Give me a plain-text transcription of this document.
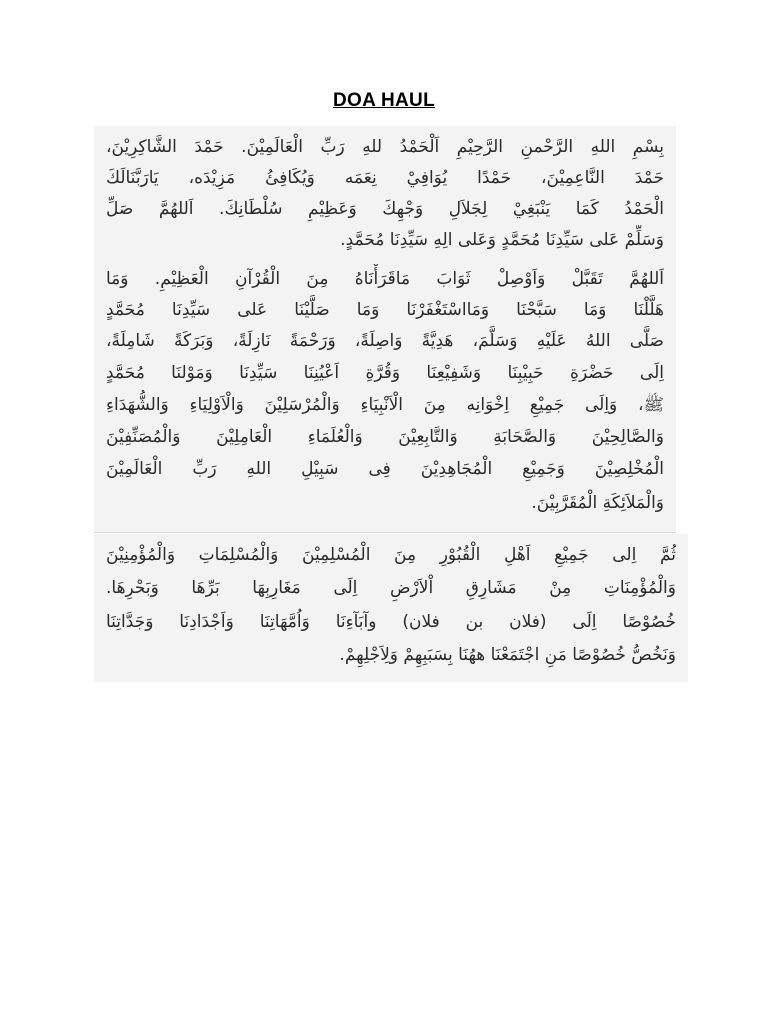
DOA HAUL
بِسْمِ اللهِ الرَّحْمنِ الرَّحِيْمِ اَلْحَمْدُ للهِ رَبِّ الْعَالَمِيْنَ. حَمْدَ الشَّاكِرِيْنَ،
حَمْدَ النَّاعِمِيْنَ، حَمْدًا يُوَافِيْ نِعَمَه وَيُكَافِئُ مَزِيْدَه، يَارَبَّنَالَكَ
الْحَمْدُ كَمَا يَنْبَغِيْ لِجَلاَلِ وَجْهِكَ وَعَظِيْمِ سُلْطَانِكَ. اَللهُمَّ صَلِّ
وَسَلِّمْ عَلى سَيِّدِنَا مُحَمَّدٍ وَعَلى الِهِ سَيِّدِنَا مُحَمَّدٍ.
اَللهُمَّ تَقَبَّلْ وَاَوْصِلْ ثَوَابَ مَاقَرَأْنَاهُ مِنَ الْقُرْآنِ الْعَظِيْمِ. وَمَا
هَلَّلْنَا وَمَا سَبَّحْنَا وَمَااسْتَغْفَرْنَا وَمَا صَلَّيْنَا عَلى سَيِّدِنَا مُحَمَّدٍ
صَلَّى اللهُ عَلَيْهِ وَسَلَّمَ، هَدِيَّةً وَاصِلَةً، وَرَحْمَةً نَازِلَةً، وَبَرَكَةً شَامِلَةً،
اِلَى حَضْرَةِ حَبِيْبِنَا وَشَفِيْعِنَا وَقُرَّةِ اَعْيُنِنَا سَيِّدِنَا وَمَوْلنَا مُحَمَّدٍ
ﷺ، وَاِلَى جَمِيْعِ اِخْوَانِه مِنَ الْاَنْبِيَاءِ وَالْمُرْسَلِيْنَ وَالْاَوْلِيَاءِ وَالشُّهَدَاءِ
وَالصَّالِحِيْنَ وَالصَّحَابَةِ وَالتَّابِعِيْنَ وَالْعُلَمَاءِ الْعَامِلِيْنَ وَالْمُصَنِّفِيْنَ
الْمُخْلِصِيْنَ وَجَمِيْعِ الْمُجَاهِدِيْنَ فِى سَبِيْلِ اللهِ رَبِّ الْعَالَمِيْنَ
وَالْمَلاَئِكَةِ الْمُقَرَّبِيْنَ.
ثُمَّ اِلى جَمِيْعِ اَهْلِ الْقُبُوْرِ مِنَ الْمُسْلِمِيْنَ وَالْمُسْلِمَاتِ وَالْمُؤْمِنِيْنَ
وَالْمُؤْمِنَاتِ مِنْ مَشَارِقِ اْلاَرْضِ اِلَى مَغَارِبِهَا بَرِّهَا وَبَحْرِهَا.
خُصُوْصًا اِلَى (فلان بن فلان) وآبَآءِنَا وَاُمَّهَاتِنَا وَاَجْدَادِنَا وَجَدَّاتِنَا
وَنَخُصُّ خُصُوْصًا مَنِ اجْتَمَعْنَا ههُنَا بِسَبَبِهِمْ وَلِاَجْلِهِمْ.
